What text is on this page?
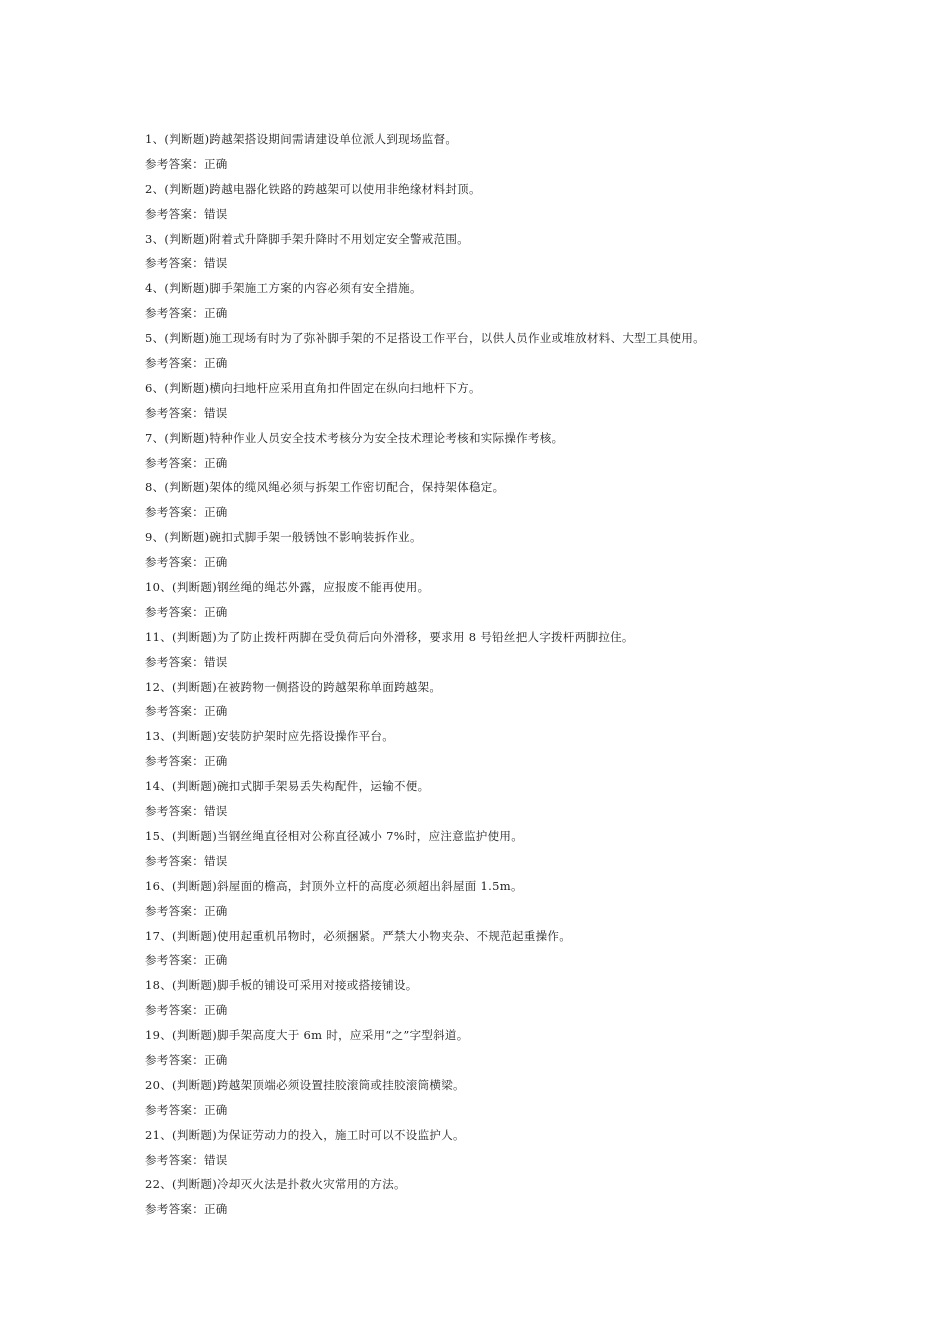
1、(判断题)跨越架搭设期间需请建设单位派人到现场监督。
参考答案：正确
2、(判断题)跨越电器化铁路的跨越架可以使用非绝缘材料封顶。
参考答案：错误
3、(判断题)附着式升降脚手架升降时不用划定安全警戒范围。
参考答案：错误
4、(判断题)脚手架施工方案的内容必须有安全措施。
参考答案：正确
5、(判断题)施工现场有时为了弥补脚手架的不足搭设工作平台，以供人员作业或堆放材料、大型工具使用。
参考答案：正确
6、(判断题)横向扫地杆应采用直角扣件固定在纵向扫地杆下方。
参考答案：错误
7、(判断题)特种作业人员安全技术考核分为安全技术理论考核和实际操作考核。
参考答案：正确
8、(判断题)架体的缆风绳必须与拆架工作密切配合，保持架体稳定。
参考答案：正确
9、(判断题)碗扣式脚手架一般锈蚀不影响装拆作业。
参考答案：正确
10、(判断题)钢丝绳的绳芯外露，应报废不能再使用。
参考答案：正确
11、(判断题)为了防止拨杆两脚在受负荷后向外滑移，要求用 8 号铅丝把人字拨杆两脚拉住。
参考答案：错误
12、(判断题)在被跨物一侧搭设的跨越架称单面跨越架。
参考答案：正确
13、(判断题)安装防护架时应先搭设操作平台。
参考答案：正确
14、(判断题)碗扣式脚手架易丢失构配件，运输不便。
参考答案：错误
15、(判断题)当钢丝绳直径相对公称直径减小 7%时，应注意监护使用。
参考答案：错误
16、(判断题)斜屋面的檐高，封顶外立杆的高度必须超出斜屋面 1.5m。
参考答案：正确
17、(判断题)使用起重机吊物时，必须捆紧。严禁大小物夹杂、不规范起重操作。
参考答案：正确
18、(判断题)脚手板的铺设可采用对接或搭接铺设。
参考答案：正确
19、(判断题)脚手架高度大于 6m 时，应采用“之”字型斜道。
参考答案：正确
20、(判断题)跨越架顶端必须设置挂胶滚筒或挂胶滚筒横梁。
参考答案：正确
21、(判断题)为保证劳动力的投入，施工时可以不设监护人。
参考答案：错误
22、(判断题)冷却灭火法是扑救火灾常用的方法。
参考答案：正确
